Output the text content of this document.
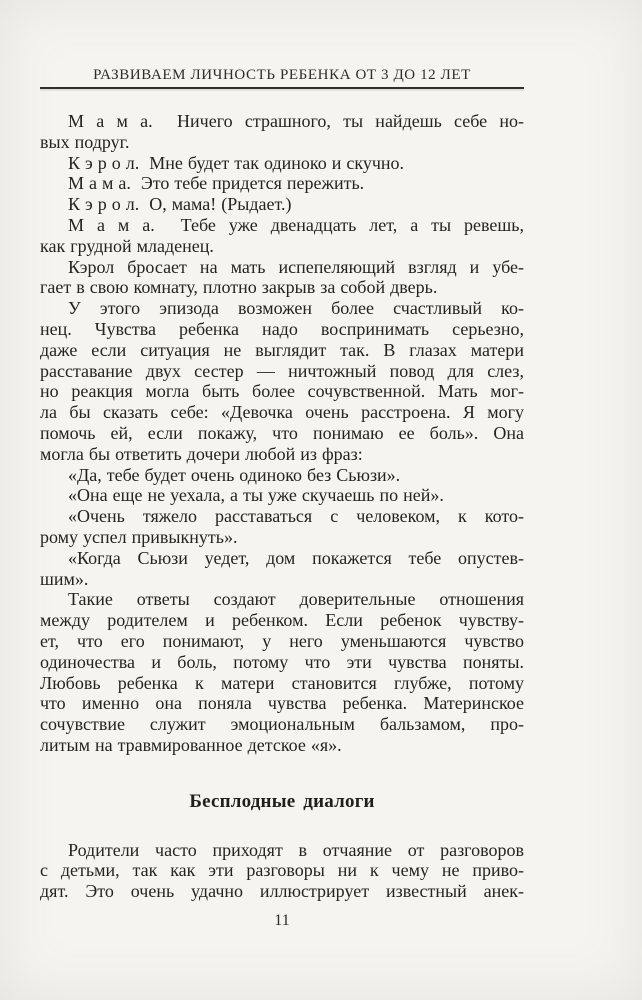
РАЗВИВАЕМ ЛИЧНОСТЬ РЕБЕНКА ОТ 3 ДО 12 ЛЕТ
М а м а.  Ничего страшного, ты найдешь себе но-
вых подруг.
К э р о л.  Мне будет так одиноко и скучно.
М а м а.  Это тебе придется пережить.
К э р о л.  О, мама! (Рыдает.)
М а м а.  Тебе уже двенадцать лет, а ты ревешь,
как грудной младенец.
Кэрол бросает на мать испепеляющий взгляд и убе-
гает в свою комнату, плотно закрыв за собой дверь.
У этого эпизода возможен более счастливый ко-
нец. Чувства ребенка надо воспринимать серьезно,
даже если ситуация не выглядит так. В глазах матери
расставание двух сестер — ничтожный повод для слез,
но реакция могла быть более сочувственной. Мать мог-
ла бы сказать себе: «Девочка очень расстроена. Я могу
помочь ей, если покажу, что понимаю ее боль». Она
могла бы ответить дочери любой из фраз:
«Да, тебе будет очень одиноко без Сьюзи».
«Она еще не уехала, а ты уже скучаешь по ней».
«Очень тяжело расставаться с человеком, к кото-
рому успел привыкнуть».
«Когда Сьюзи уедет, дом покажется тебе опустев-
шим».
Такие ответы создают доверительные отношения
между родителем и ребенком. Если ребенок чувству-
ет, что его понимают, у него уменьшаются чувство
одиночества и боль, потому что эти чувства поняты.
Любовь ребенка к матери становится глубже, потому
что именно она поняла чувства ребенка. Материнское
сочувствие служит эмоциональным бальзамом, про-
литым на травмированное детское «я».
Бесплодные диалоги
Родители часто приходят в отчаяние от разговоров
с детьми, так как эти разговоры ни к чему не приво-
дят. Это очень удачно иллюстрирует известный анек-
11
